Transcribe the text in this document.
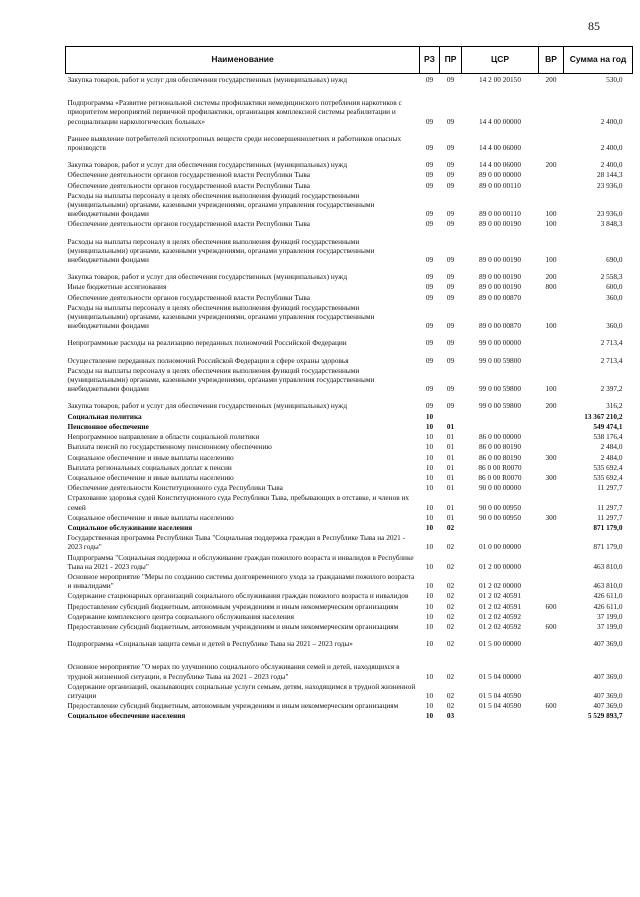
85
Наименование	РЗ	ПР	ЦСР	ВР	Сумма на год
Закупка товаров, работ и услуг для обеспечения государственных (муниципальных) нужд	09	09	14 2 00 20150	200	530,0
Подпрограмма «Развитие региональной системы профилактики немедицинского потребления наркотиков с приоритетом мероприятий первичной профилактики, организация комплексной системы реабилитации и ресоциализации наркологических больных»	09	09	14 4 00 00000		2 400,0
Раннее выявление потребителей психотропных веществ среди несовершеннолетних и работников опасных производств	09	09	14 4 00 06000		2 400,0
Закупка товаров, работ и услуг для обеспечения государственных (муниципальных) нужд	09	09	14 4 00 06000	200	2 400,0
Обеспечение деятельности органов государственной власти Республики Тыва	09	09	89 0 00 00000		28 144,3
Обеспечение деятельности органов государственной власти Республики Тыва	09	09	89 0 00 00110		23 936,0
Расходы на выплаты персоналу в целях обеспечения выполнения функций государственными (муниципальными) органами, казенными учреждениями, органами управления государственными внебюджетными фондами	09	09	89 0 00 00110	100	23 936,0
Обеспечение деятельности органов государственной власти Республики Тыва	09	09	89 0 00 00190	100	3 848,3
Расходы на выплаты персоналу в целях обеспечения выполнения функций государственными (муниципальными) органами, казенными учреждениями, органами управления государственными внебюджетными фондами	09	09	89 0 00 00190	100	690,0
Закупка товаров, работ и услуг для обеспечения государственных (муниципальных) нужд	09	09	89 0 00 00190	200	2 558,3
Иные бюджетные ассигнования	09	09	89 0 00 00190	800	600,0
Обеспечение деятельности органов государственной власти Республики Тыва	09	09	89 0 00 00870		360,0
Расходы на выплаты персоналу в целях обеспечения выполнения функций государственными (муниципальными) органами, казенными учреждениями, органами управления государственными внебюджетными фондами	09	09	89 0 00 00870	100	360,0
Непрограммные расходы на реализацию переданных полномочий Российской Федерации	09	09	99 0 00 00000		2 713,4
Осуществление переданных полномочий Российской Федерации в сфере охраны здоровья	09	09	99 0 00 59800		2 713,4
Расходы на выплаты персоналу в целях обеспечения выполнения функций государственными (муниципальными) органами, казенными учреждениями, органами управления государственными внебюджетными фондами	09	09	99 0 00 59800	100	2 397,2
Закупка товаров, работ и услуг для обеспечения государственных (муниципальных) нужд	09	09	99 0 00 59800	200	316,2
Социальная политика	10				13 367 210,2
Пенсионное обеспечение	10	01			549 474,1
Непрограммное направление в области социальной политики	10	01	86 0 00 00000		538 176,4
Выплата пенсий по государственному пенсионному обеспечению	10	01	86 0 00 80190		2 484,0
Социальное обеспечение и иные выплаты населению	10	01	86 0 00 80190	300	2 484,0
Выплата региональных социальных доплат к пенсии	10	01	86 0 00 R0070		535 692,4
Социальное обеспечение и иные выплаты населению	10	01	86 0 00 R0070	300	535 692,4
Обеспечение деятельности Конституционного суда Республики Тыва	10	01	90 0 00 00000		11 297,7
Страхование здоровья судей Конституционного суда Республики Тыва, пребывающих в отставке, и членов их семей	10	01	90 0 00 00950		11 297,7
Социальное обеспечение и иные выплаты населению	10	01	90 0 00 00950	300	11 297,7
Социальное обслуживание населения	10	02			871 179,0
Государственная программа Республики Тыва "Социальная поддержка граждан в Республике Тыва на 2021 - 2023 годы"	10	02	01 0 00 00000		871 179,0
Подпрограмма "Социальная поддержка и обслуживание граждан пожилого возраста и инвалидов в Республике Тыва на 2021 - 2023 годы"	10	02	01 2 00 00000		463 810,0
Основное мероприятие "Меры по созданию системы долговременного ухода за гражданами пожилого возраста и инвалидами"	10	02	01 2 02 00000		463 810,0
Содержание стационарных организаций социального обслуживания граждан пожилого возраста и инвалидов	10	02	01 2 02 40591		426 611,0
Предоставление субсидий бюджетным, автономным учреждениям и иным некоммерческим организациям	10	02	01 2 02 40591	600	426 611,0
Содержание комплексного центра социального обслуживания населения	10	02	01 2 02 40592		37 199,0
Предоставление субсидий бюджетным, автономным учреждениям и иным некоммерческим организациям	10	02	01 2 02 40592	600	37 199,0
Подпрограмма «Социальная защита семьи и детей в Республике Тыва на 2021 – 2023 годы»	10	02	01 5 00 00000		407 369,0
Основное мероприятие "О мерах по улучшению социального обслуживания семей и детей, находящихся в трудной жизненной ситуации, в Республике Тыва на 2021 – 2023 годы"	10	02	01 5 04 00000		407 369,0
Содержание организаций, оказывающих социальные услуги семьям, детям, находящимся в трудной жизненной ситуации	10	02	01 5 04 40590		407 369,0
Предоставление субсидий бюджетным, автономным учреждениям и иным некоммерческим организациям	10	02	01 5 04 40590	600	407 369,0
Социальное обеспечение населения	10	03			5 529 893,7
